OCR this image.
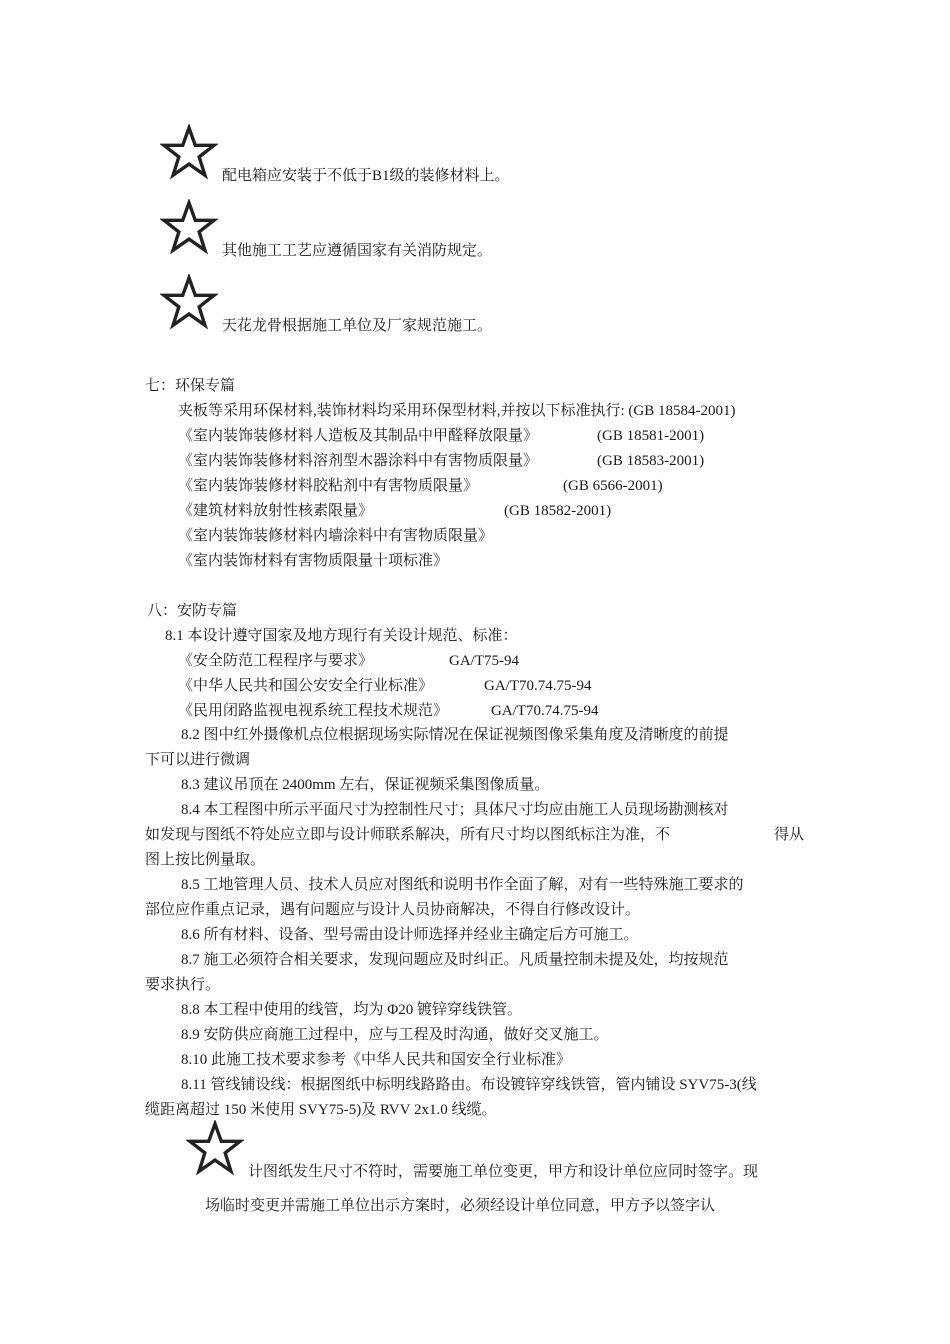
配电箱应安装于不低于B1级的装修材料上。
其他施工工艺应遵循国家有关消防规定。
天花龙骨根据施工单位及厂家规范施工。
七：环保专篇
夹板等采用环保材料,装饰材料均采用环保型材料,并按以下标准执行: (GB 18584-2001)
《室内装饰装修材料人造板及其制品中甲醛释放限量》	(GB 18581-2001)
《室内装饰装修材料溶剂型木器涂料中有害物质限量》	(GB 18583-2001)
《室内装饰装修材料胶粘剂中有害物质限量》	(GB 6566-2001)
《建筑材料放射性核素限量》	(GB 18582-2001)
《室内装饰装修材料内墙涂料中有害物质限量》
《室内装饰材料有害物质限量十项标准》
八：安防专篇
8.1 本设计遵守国家及地方现行有关设计规范、标准：
《安全防范工程程序与要求》	GA/T75-94
《中华人民共和国公安安全行业标准》	GA/T70.74.75-94
《民用闭路监视电视系统工程技术规范》	GA/T70.74.75-94
8.2 图中红外摄像机点位根据现场实际情况在保证视频图像采集角度及清晰度的前提
下可以进行微调
8.3 建议吊顶在 2400mm 左右，保证视频采集图像质量。
8.4 本工程图中所示平面尺寸为控制性尺寸；具体尺寸均应由施工人员现场勘测核对
如发现与图纸不符处应立即与设计师联系解决，所有尺寸均以图纸标注为准，不	得从
图上按比例量取。
8.5 工地管理人员、技术人员应对图纸和说明书作全面了解，对有一些特殊施工要求的
部位应作重点记录，遇有问题应与设计人员协商解决，不得自行修改设计。
8.6 所有材料、设备、型号需由设计师选择并经业主确定后方可施工。
8.7 施工必须符合相关要求，发现问题应及时纠正。凡质量控制未提及处，均按规范
要求执行。
8.8 本工程中使用的线管，均为 Φ20 镀锌穿线铁管。
8.9 安防供应商施工过程中，应与工程及时沟通，做好交叉施工。
8.10 此施工技术要求参考《中华人民共和国安全行业标准》
8.11 管线铺设线：根据图纸中标明线路路由。布设镀锌穿线铁管，管内铺设 SYV75-3(线
缆距离超过 150 米使用 SVY75-5)及 RVV 2x1.0 线缆。
计图纸发生尺寸不符时，需要施工单位变更，甲方和设计单位应同时签字。现
场临时变更并需施工单位出示方案时，必须经设计单位同意，甲方予以签字认
